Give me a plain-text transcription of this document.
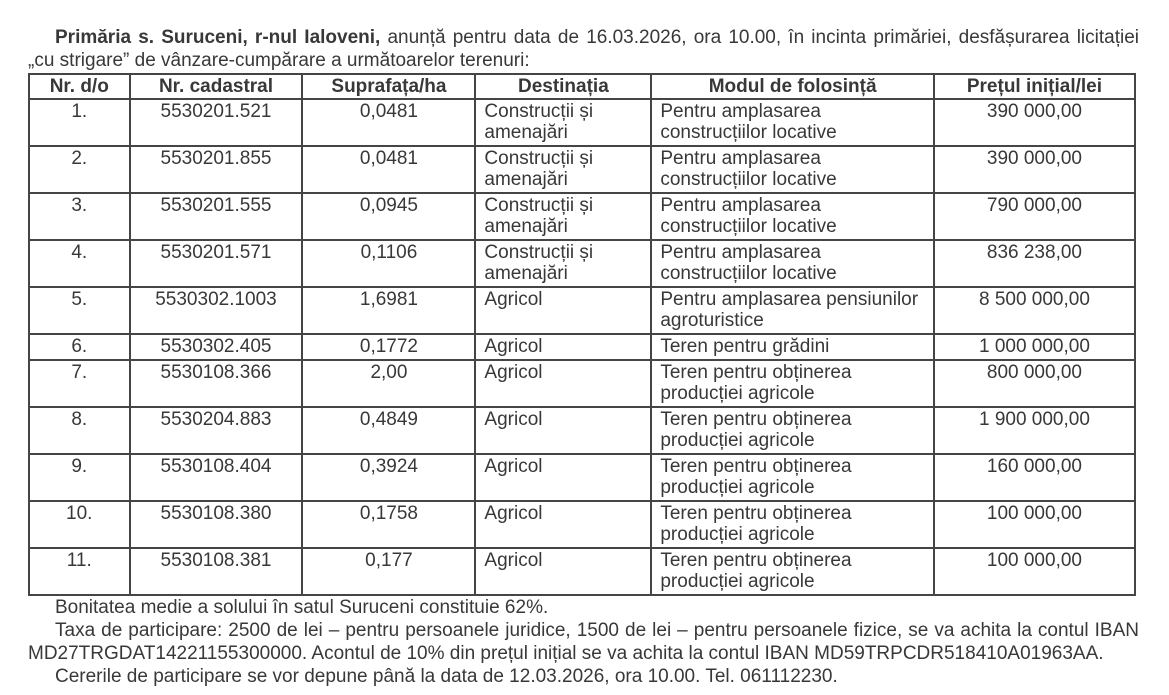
Primăria s. Suruceni, r-nul Ialoveni, anunță pentru data de 16.03.2026, ora 10.00, în incinta primăriei, desfășurarea licitației „cu strigare” de vânzare-cumpărare a următoarelor terenuri:

Nr. d/o	Nr. cadastral	Suprafața/ha	Destinația	Modul de folosință	Prețul inițial/lei
1.	5530201.521	0,0481	Construcții și amenajări	Pentru amplasarea construcțiilor locative	390 000,00
2.	5530201.855	0,0481	Construcții și amenajări	Pentru amplasarea construcțiilor locative	390 000,00
3.	5530201.555	0,0945	Construcții și amenajări	Pentru amplasarea construcțiilor locative	790 000,00
4.	5530201.571	0,1106	Construcții și amenajări	Pentru amplasarea construcțiilor locative	836 238,00
5.	5530302.1003	1,6981	Agricol	Pentru amplasarea pensiunilor agroturistice	8 500 000,00
6.	5530302.405	0,1772	Agricol	Teren pentru grădini	1 000 000,00
7.	5530108.366	2,00	Agricol	Teren pentru obținerea producției agricole	800 000,00
8.	5530204.883	0,4849	Agricol	Teren pentru obținerea producției agricole	1 900 000,00
9.	5530108.404	0,3924	Agricol	Teren pentru obținerea producției agricole	160 000,00
10.	5530108.380	0,1758	Agricol	Teren pentru obținerea producției agricole	100 000,00
11.	5530108.381	0,177	Agricol	Teren pentru obținerea producției agricole	100 000,00

Bonitatea medie a solului în satul Suruceni constituie 62%.

Taxa de participare: 2500 de lei – pentru persoanele juridice, 1500 de lei – pentru persoanele fizice, se va achita la contul IBAN MD27TRGDAT14221155300000. Acontul de 10% din prețul inițial se va achita la contul IBAN MD59TRPCDR518410A01963AA.

Cererile de participare se vor depune până la data de 12.03.2026, ora 10.00. Tel. 061112230.
